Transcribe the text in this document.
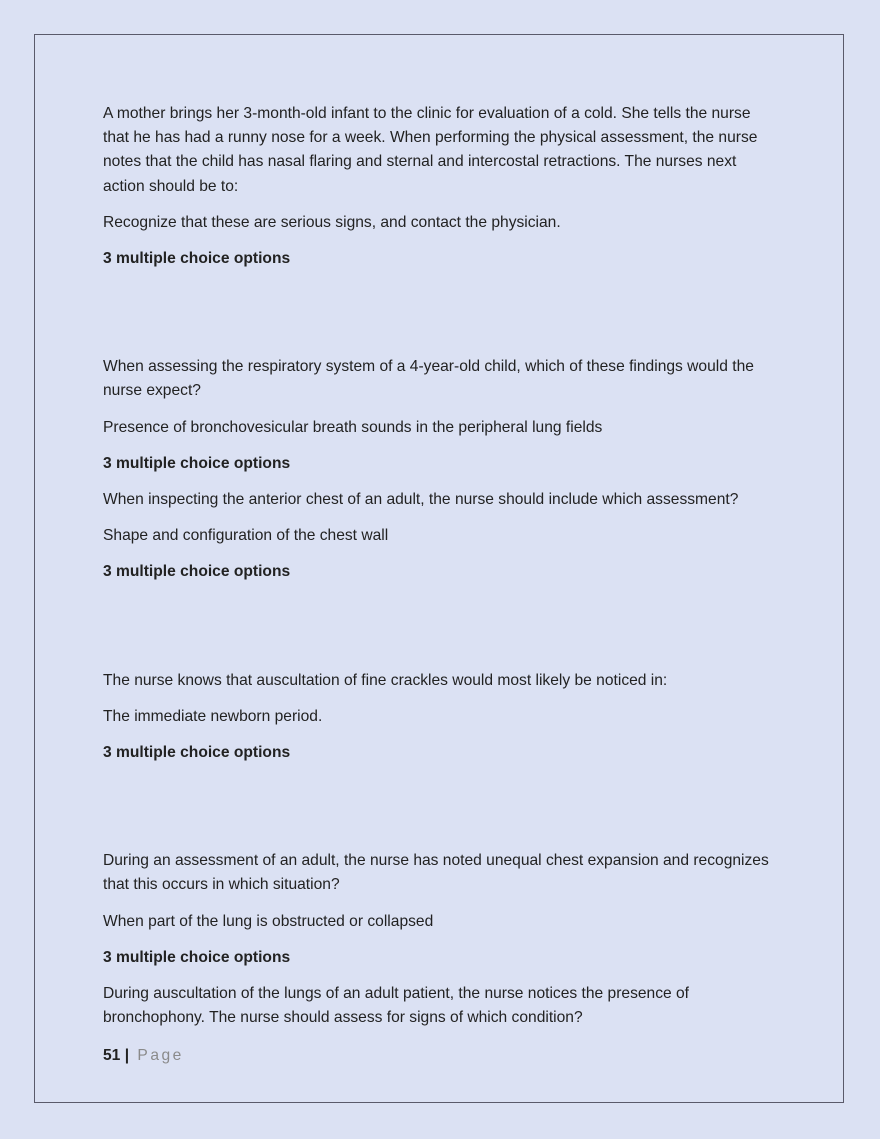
A mother brings her 3-month-old infant to the clinic for evaluation of a cold. She tells the nurse that he has had a runny nose for a week. When performing the physical assessment, the nurse notes that the child has nasal flaring and sternal and intercostal retractions. The nurses next action should be to:

Recognize that these are serious signs, and contact the physician.

3 multiple choice options

When assessing the respiratory system of a 4-year-old child, which of these findings would the nurse expect?

Presence of bronchovesicular breath sounds in the peripheral lung fields

3 multiple choice options

When inspecting the anterior chest of an adult, the nurse should include which assessment?

Shape and configuration of the chest wall

3 multiple choice options

The nurse knows that auscultation of fine crackles would most likely be noticed in:

The immediate newborn period.

3 multiple choice options

During an assessment of an adult, the nurse has noted unequal chest expansion and recognizes that this occurs in which situation?

When part of the lung is obstructed or collapsed

3 multiple choice options

During auscultation of the lungs of an adult patient, the nurse notices the presence of bronchophony. The nurse should assess for signs of which condition?

51 | Page
